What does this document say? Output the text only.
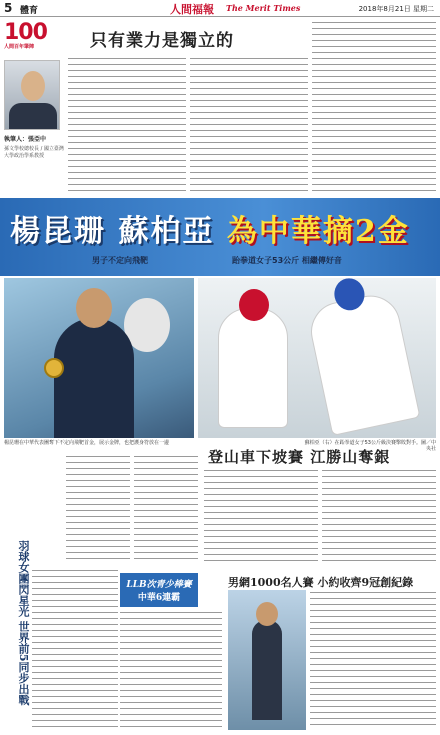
5 體育	人間福報 The Merit Times	2018年8月21日 星期二
100
人間百年筆陣
執筆人：張亞中
孫文學校總校長 / 國立臺灣大學政治學系教授
只有業力是獨立的
楊昆珊 蘇柏亞 為中華摘2金
男子不定向飛靶	跆拳道女子53公斤 相繼傳好音
楊昆珊在中華代表團奪下不定向飛靶首金，展示金牌，也把護身符放在一邊	蘇柏亞（右）在跆拳道女子53公斤級決賽擊敗對手。圖／中央社
登山車下坡賽 江勝山奪銀
羽球女團閃星光 世界前5同步出戰	LLB次青少棒賽
中華6連霸
男網1000名人賽 小約收齊9冠創紀錄
